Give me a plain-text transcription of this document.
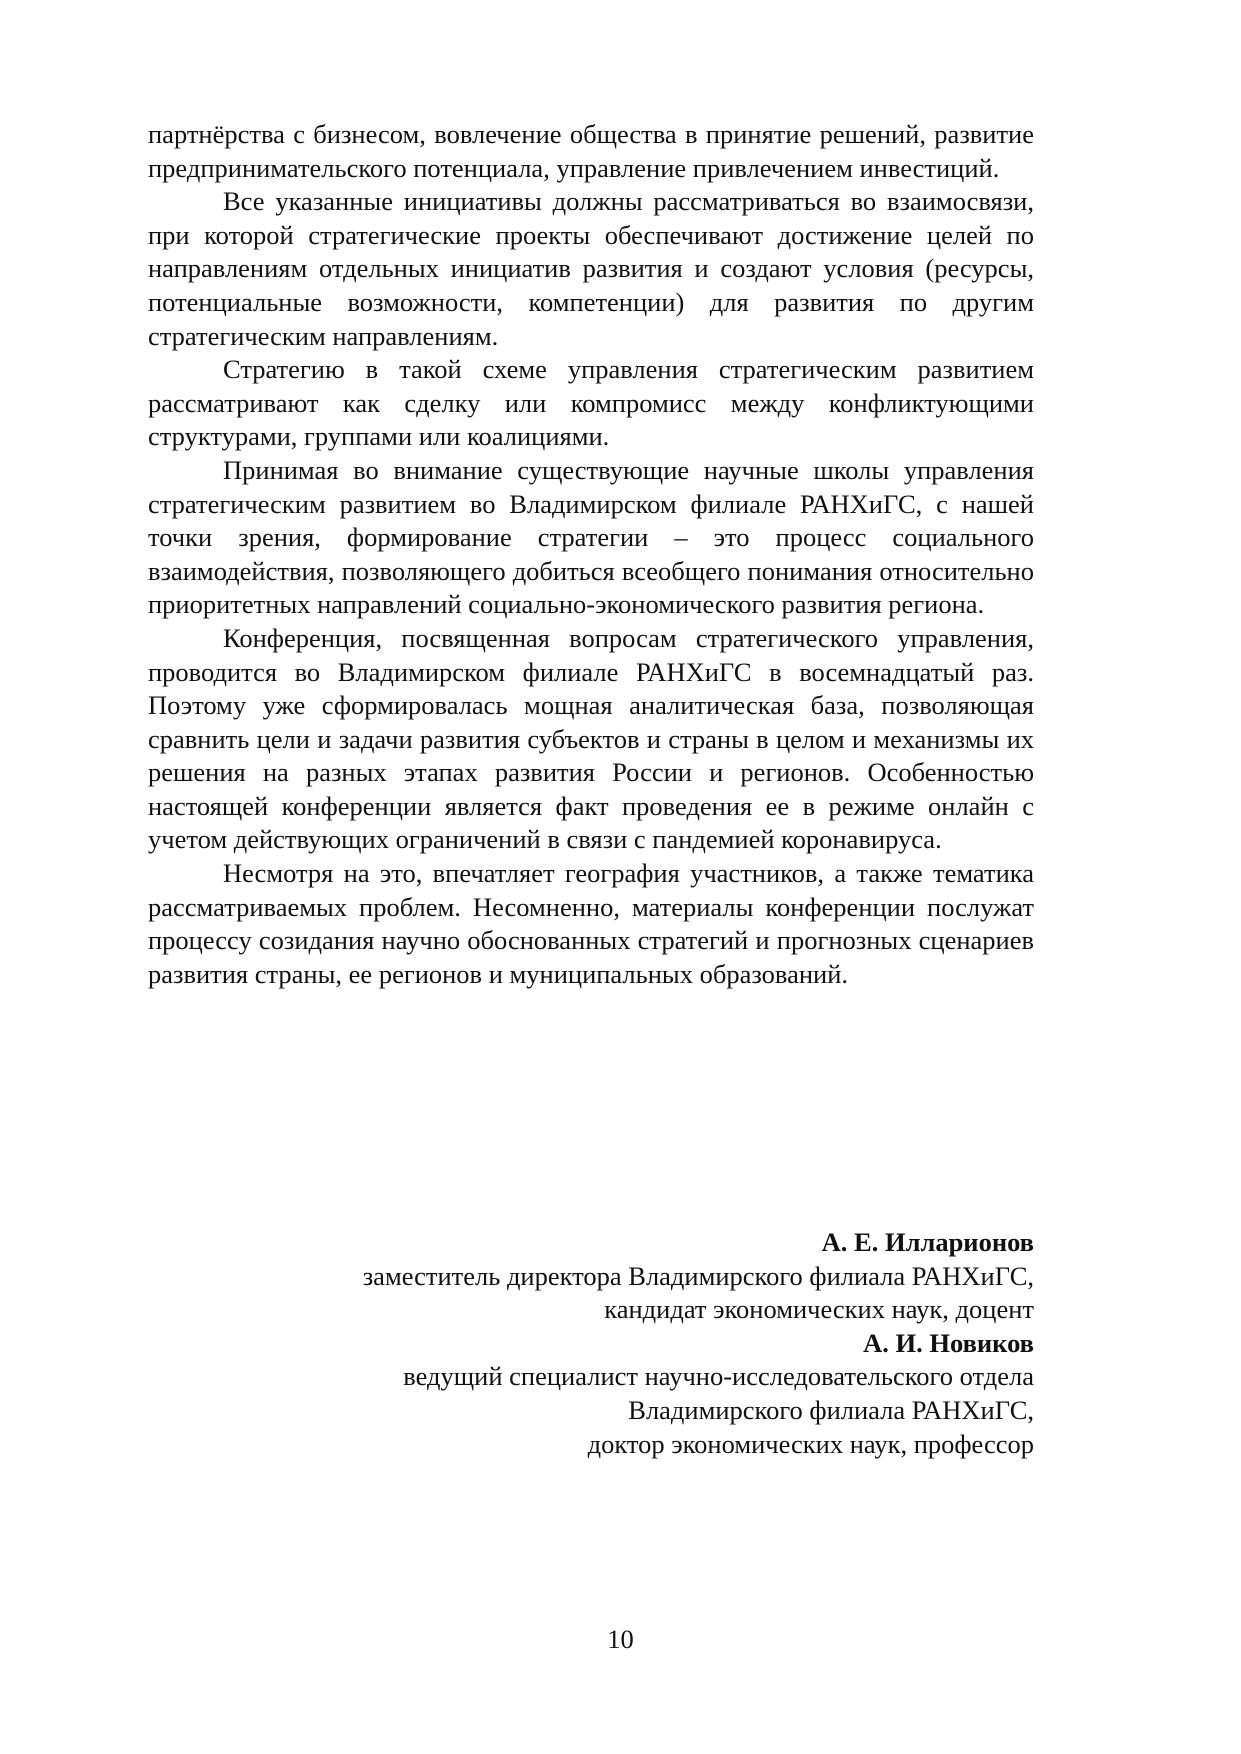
партнёрства с бизнесом, вовлечение общества в принятие решений, развитие предпринимательского потенциала, управление привлечением инвестиций.

Все указанные инициативы должны рассматриваться во взаимосвязи, при которой стратегические проекты обеспечивают достижение целей по направлениям отдельных инициатив развития и создают условия (ресурсы, потенциальные возможности, компетенции) для развития по другим стратегическим направлениям.

Стратегию в такой схеме управления стратегическим развитием рассматривают как сделку или компромисс между конфликтующими структурами, группами или коалициями.

Принимая во внимание существующие научные школы управления стратегическим развитием во Владимирском филиале РАНХиГС, с нашей точки зрения, формирование стратегии – это процесс социального взаимодействия, позволяющего добиться всеобщего понимания относительно приоритетных направлений социально-экономического развития региона.

Конференция, посвященная вопросам стратегического управления, проводится во Владимирском филиале РАНХиГС в восемнадцатый раз. Поэтому уже сформировалась мощная аналитическая база, позволяющая сравнить цели и задачи развития субъектов и страны в целом и механизмы их решения на разных этапах развития России и регионов. Особенностью настоящей конференции является факт проведения ее в режиме онлайн с учетом действующих ограничений в связи с пандемией коронавируса.

Несмотря на это, впечатляет география участников, а также тематика рассматриваемых проблем. Несомненно, материалы конференции послужат процессу созидания научно обоснованных стратегий и прогнозных сценариев развития страны, ее регионов и муниципальных образований.

А. Е. Илларионов
заместитель директора Владимирского филиала РАНХиГС,
кандидат экономических наук, доцент
А. И. Новиков
ведущий специалист научно-исследовательского отдела
Владимирского филиала РАНХиГС,
доктор экономических наук, профессор
10
